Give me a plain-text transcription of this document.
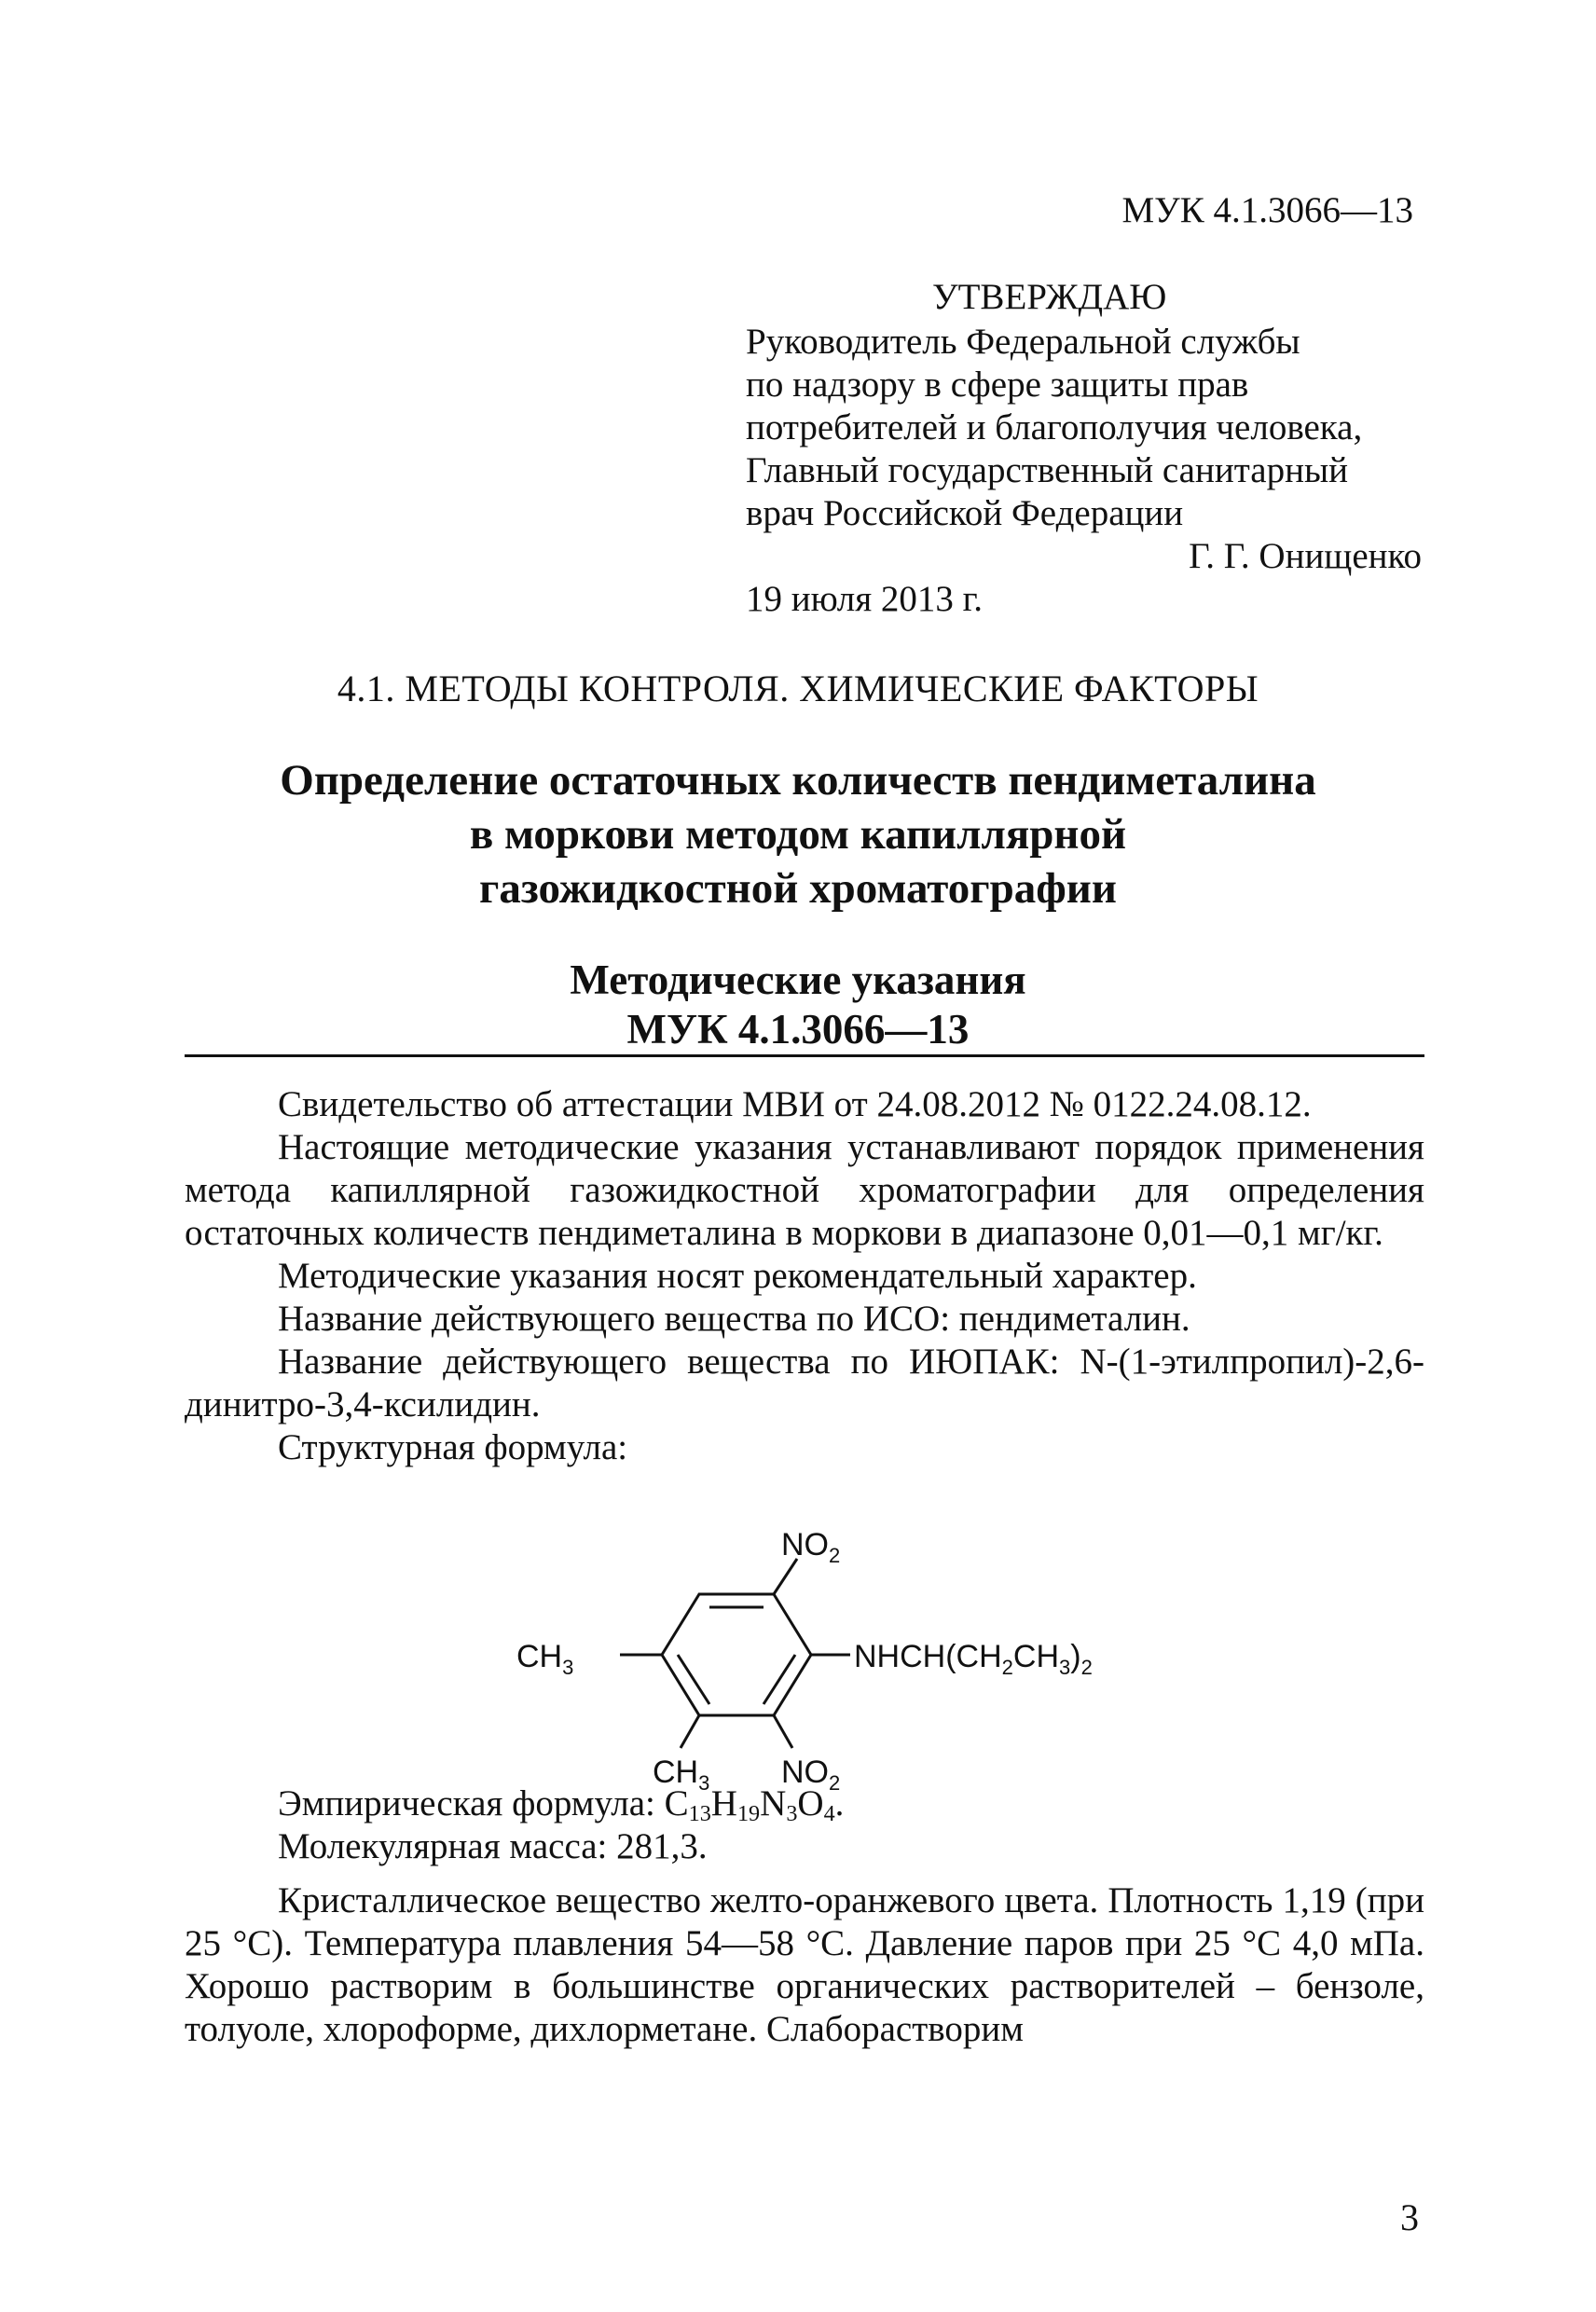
МУК 4.1.3066—13
УТВЕРЖДАЮ
Руководитель Федеральной службы
по надзору в сфере защиты прав
потребителей и благополучия человека,
Главный государственный санитарный
врач Российской Федерации
Г. Г. Онищенко
19 июля 2013 г.
4.1. МЕТОДЫ КОНТРОЛЯ. ХИМИЧЕСКИЕ ФАКТОРЫ
Определение остаточных количеств пендиметалина
в моркови методом капиллярной
газожидкостной хроматографии
Методические указания
МУК 4.1.3066—13

Свидетельство об аттестации МВИ от 24.08.2012 № 0122.24.08.12.

Настоящие методические указания устанавливают порядок применения метода капиллярной газожидкостной хроматографии для определения остаточных количеств пендиметалина в моркови в диапазоне 0,01—0,1 мг/кг.

Методические указания носят рекомендательный характер.

Название действующего вещества по ИСО: пендиметалин.

Название действующего вещества по ИЮПАК: N-(1-этилпропил)-2,6-динитро-3,4-ксилидин.

Структурная формула:

$NO_2$
$CH_3$	$NHCH(CH_2CH_3)_2$
$CH_3$ $NO_2$

Эмпирическая формула: $C_{13}H_{19}N_3O_4$.

Молекулярная масса: 281,3.

Кристаллическое вещество желто-оранжевого цвета. Плотность 1,19 (при 25 °С). Температура плавления 54—58 °С. Давление паров при 25 °С 4,0 мПа. Хорошо растворим в большинстве органических растворителей – бензоле, толуоле, хлороформе, дихлорметане. Слаборастворим

3
